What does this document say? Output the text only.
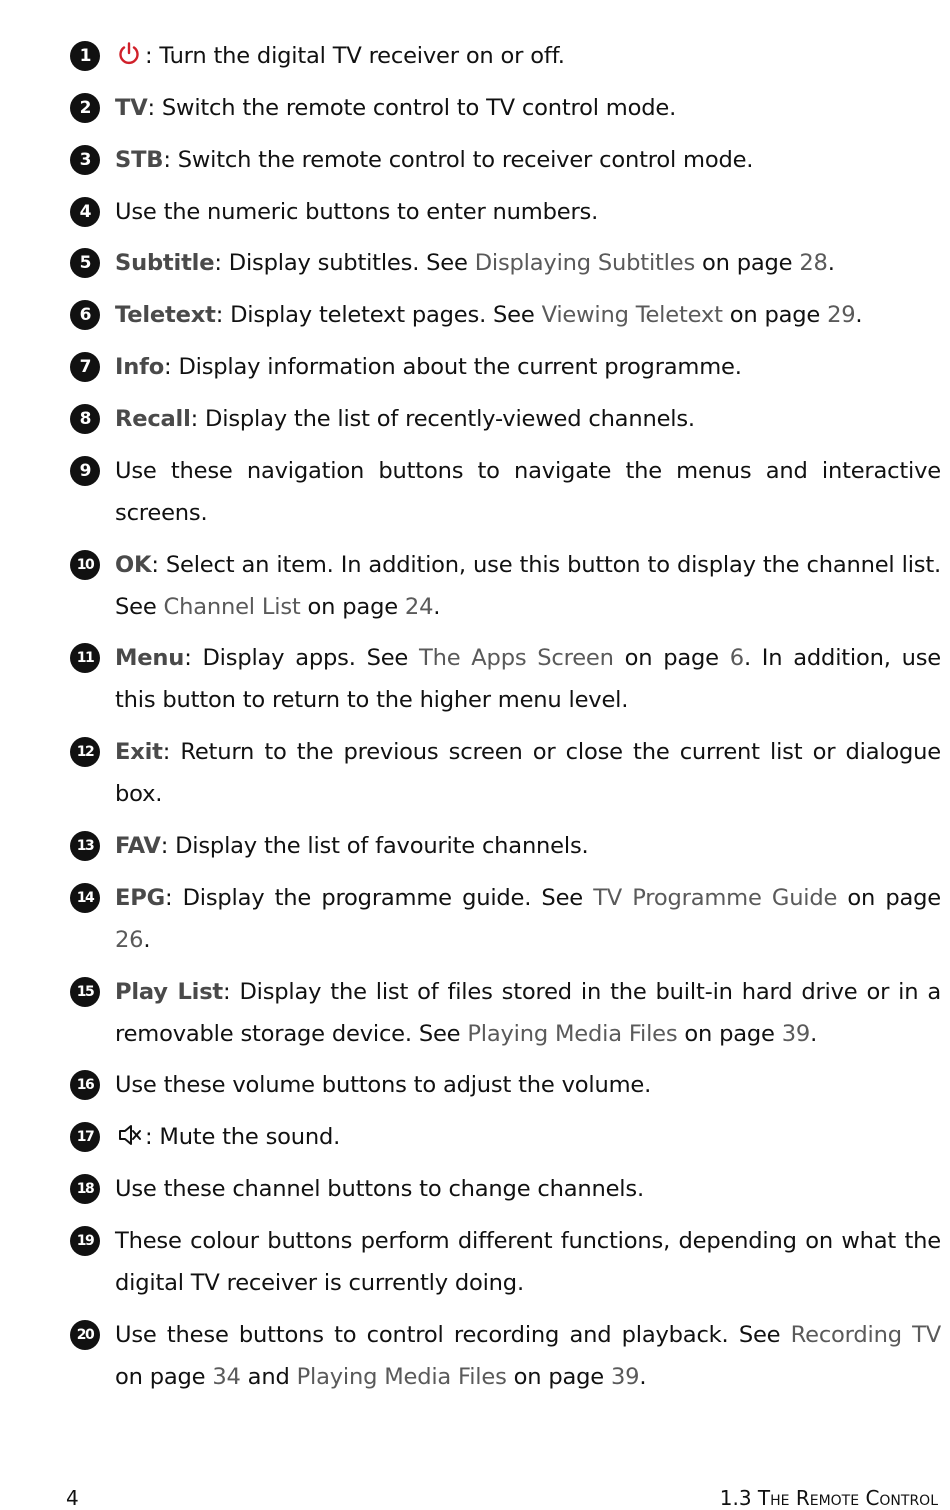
1	: Turn the digital TV receiver on or off.
2	TV: Switch the remote control to TV control mode.
3	STB: Switch the remote control to receiver control mode.
4	Use the numeric buttons to enter numbers.
5	Subtitle: Display subtitles. See Displaying Subtitles on page 28.
6	Teletext: Display teletext pages. See Viewing Teletext on page 29.
7	Info: Display information about the current programme.
8	Recall: Display the list of recently-viewed channels.
9	Use these navigation buttons to navigate the menus and interactive screens.
10 OK: Select an item. In addition, use this button to display the channel list. See Channel List on page 24.
11 Menu: Display apps. See The Apps Screen on page 6. In addition, use this button to return to the higher menu level.
12 Exit: Return to the previous screen or close the current list or dialogue box.
13 FAV: Display the list of favourite channels.
14 EPG: Display the programme guide. See TV Programme Guide on page 26.
15 Play List: Display the list of files stored in the built-in hard drive or in a removable storage device. See Playing Media Files on page 39.
16 Use these volume buttons to adjust the volume.
17	: Mute the sound.
18 Use these channel buttons to change channels.
19 These colour buttons perform different functions, depending on what the digital TV receiver is currently doing.
20 Use these buttons to control recording and playback. See Recording TV on page 34 and Playing Media Files on page 39.
4	1.3 The Remote Control
